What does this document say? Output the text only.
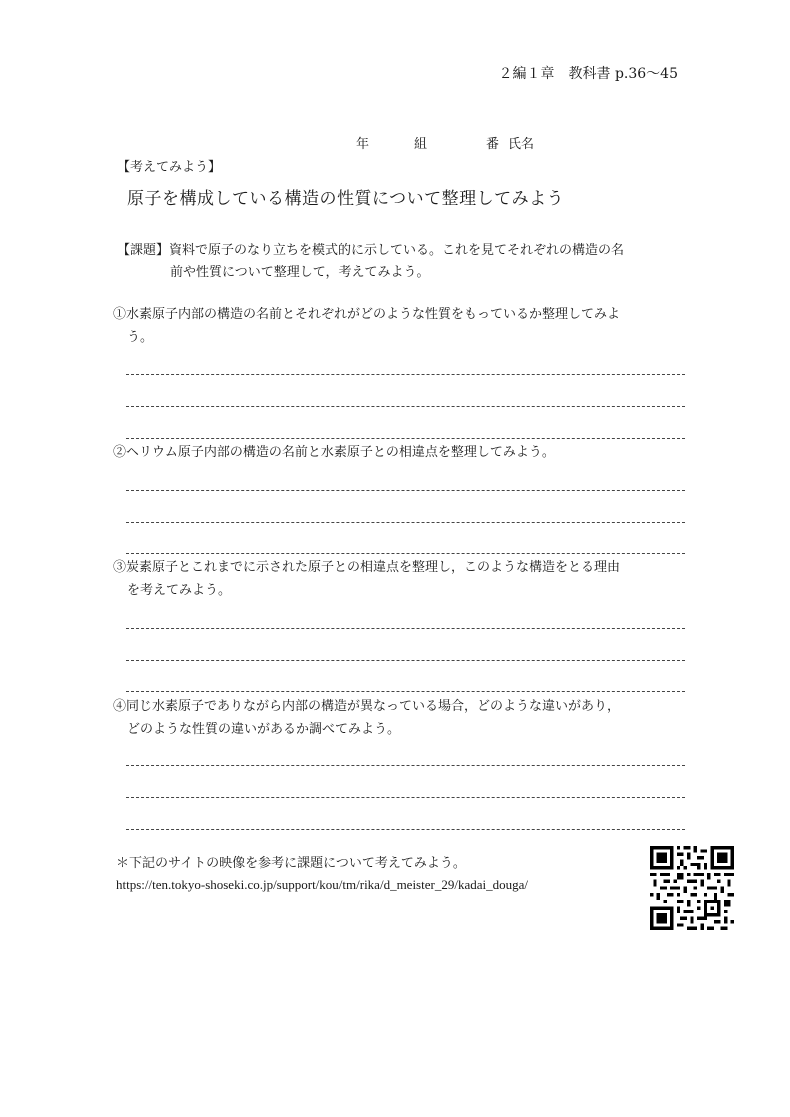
２編１章　教科書 p.36～45
年	組	番 氏名
【考えてみよう】
原子を構成している構造の性質について整理してみよう
【課題】資料で原子のなり立ちを模式的に示している。これを見てそれぞれの構造の名
前や性質について整理して，考えてみよう。
①水素原子内部の構造の名前とそれぞれがどのような性質をもっているか整理してみよ
う。
②ヘリウム原子内部の構造の名前と水素原子との相違点を整理してみよう。
③炭素原子とこれまでに示された原子との相違点を整理し，このような構造をとる理由
を考えてみよう。
④同じ水素原子でありながら内部の構造が異なっている場合，どのような違いがあり，
どのような性質の違いがあるか調べてみよう。
＊下記のサイトの映像を参考に課題について考えてみよう。
https://ten.tokyo-shoseki.co.jp/support/kou/tm/rika/d_meister_29/kadai_douga/
